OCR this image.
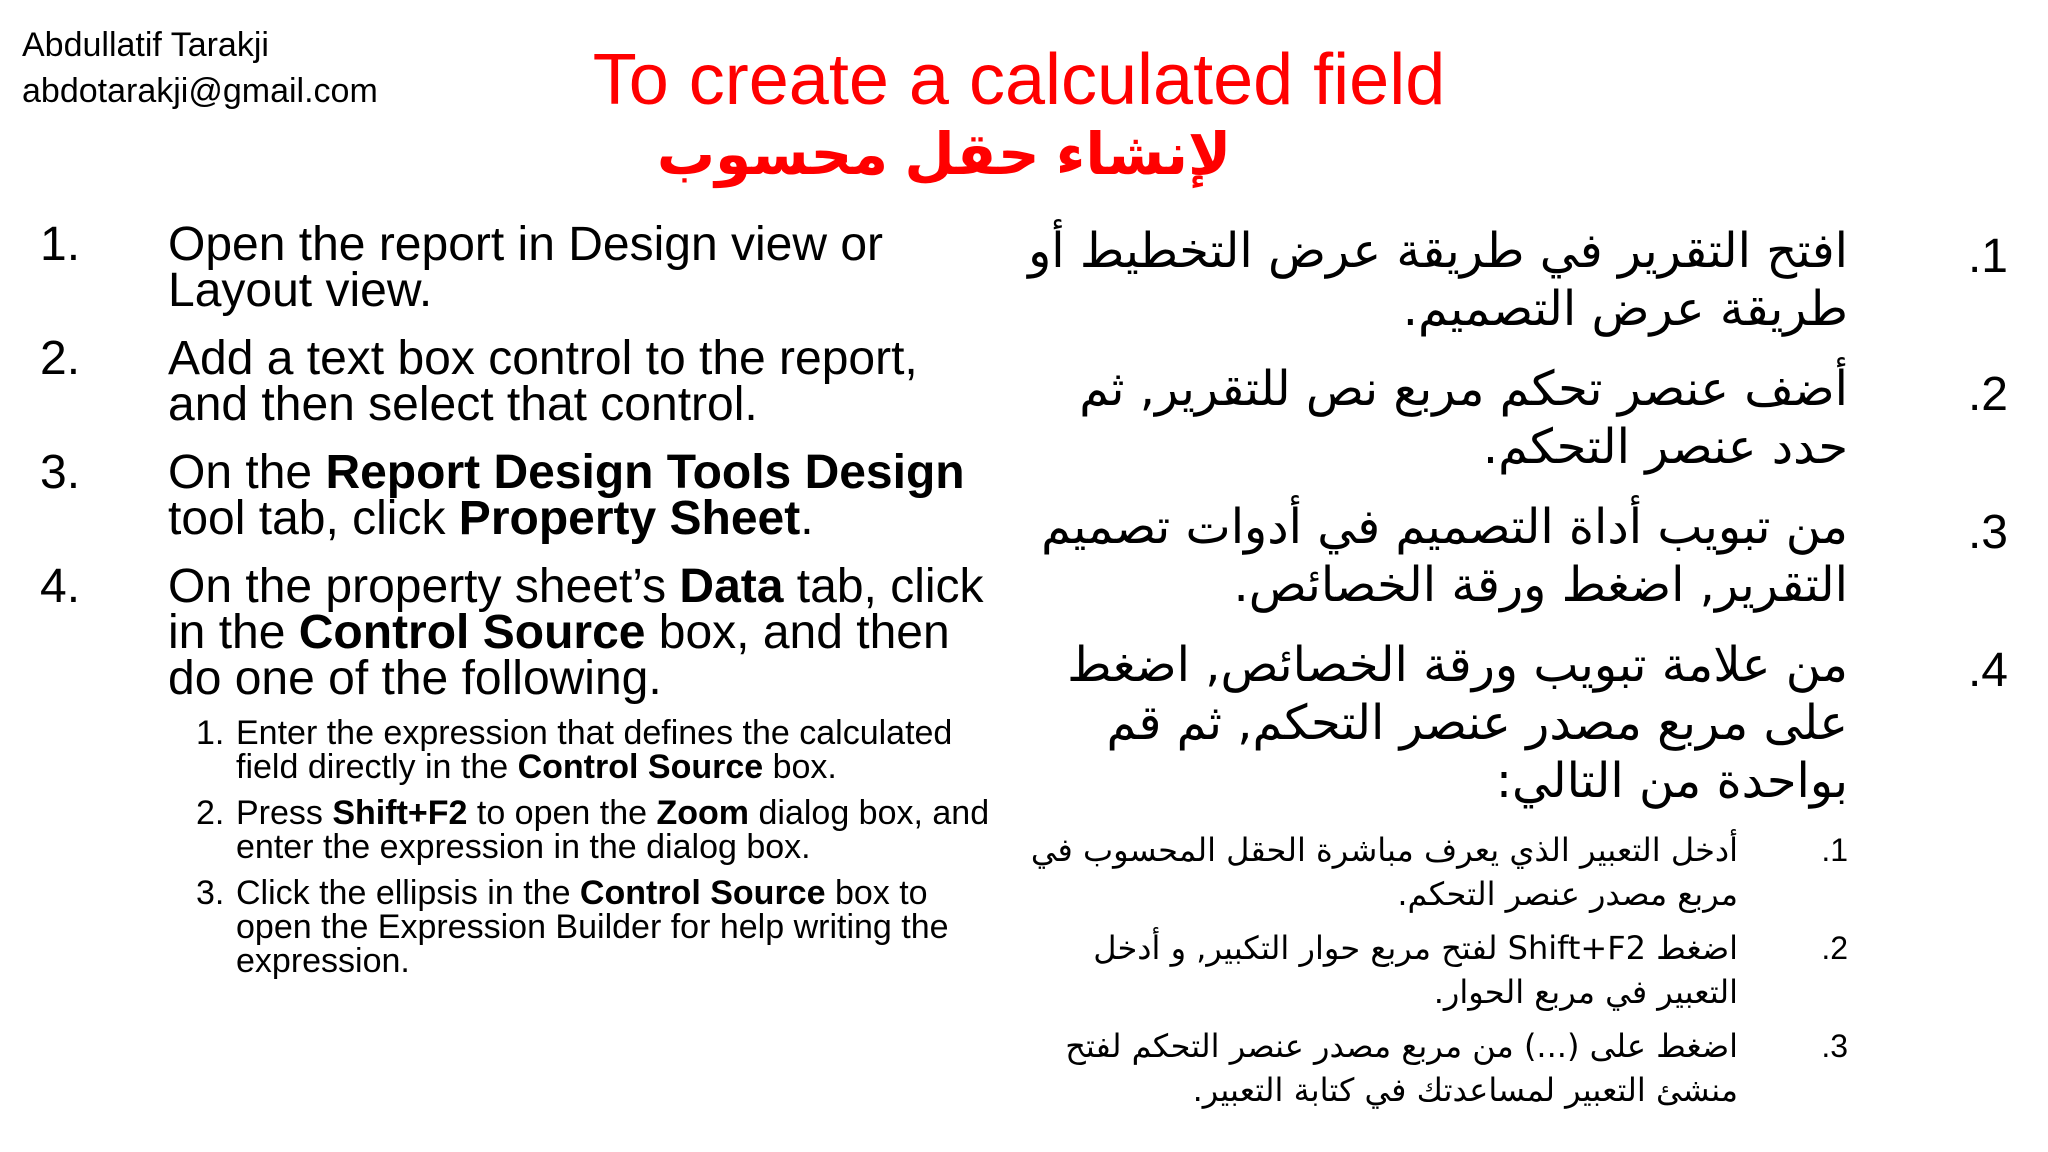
Abdullatif Tarakji
abdotarakji@gmail.com	To create a calculated field
لإنشاء حقل محسوب
1. Open the report in Design view or Layout view.
2. Add a text box control to the report, and then select that control.
3. On the Report Design Tools Design tool tab, click Property Sheet.
4. On the property sheet’s Data tab, click in the Control Source box, and then do one of the following.
1. Enter the expression that defines the calculated field directly in the Control Source box.
2. Press Shift+F2 to open the Zoom dialog box, and enter the expression in the dialog box.
3. Click the ellipsis in the Control Source box to open the Expression Builder for help writing the expression.
.1
افتح التقرير في طريقة عرض التخطيط أو طريقة عرض التصميم.
.2
أضف عنصر تحكم مربع نص للتقرير, ثم حدد عنصر التحكم.
.3
من تبويب أداة التصميم في أدوات تصميم التقرير, اضغط ورقة الخصائص.
.4
من علامة تبويب ورقة الخصائص, اضغط على مربع مصدر عنصر التحكم, ثم قم بواحدة من التالي:
.1
أدخل التعبير الذي يعرف مباشرة الحقل المحسوب في مربع مصدر عنصر التحكم.
.2
اضغط Shift+F2 لفتح مربع حوار التكبير, و أدخل التعبير في مربع الحوار.
.3
اضغط على (...) من مربع مصدر عنصر التحكم لفتح منشئ التعبير لمساعدتك في كتابة التعبير.
